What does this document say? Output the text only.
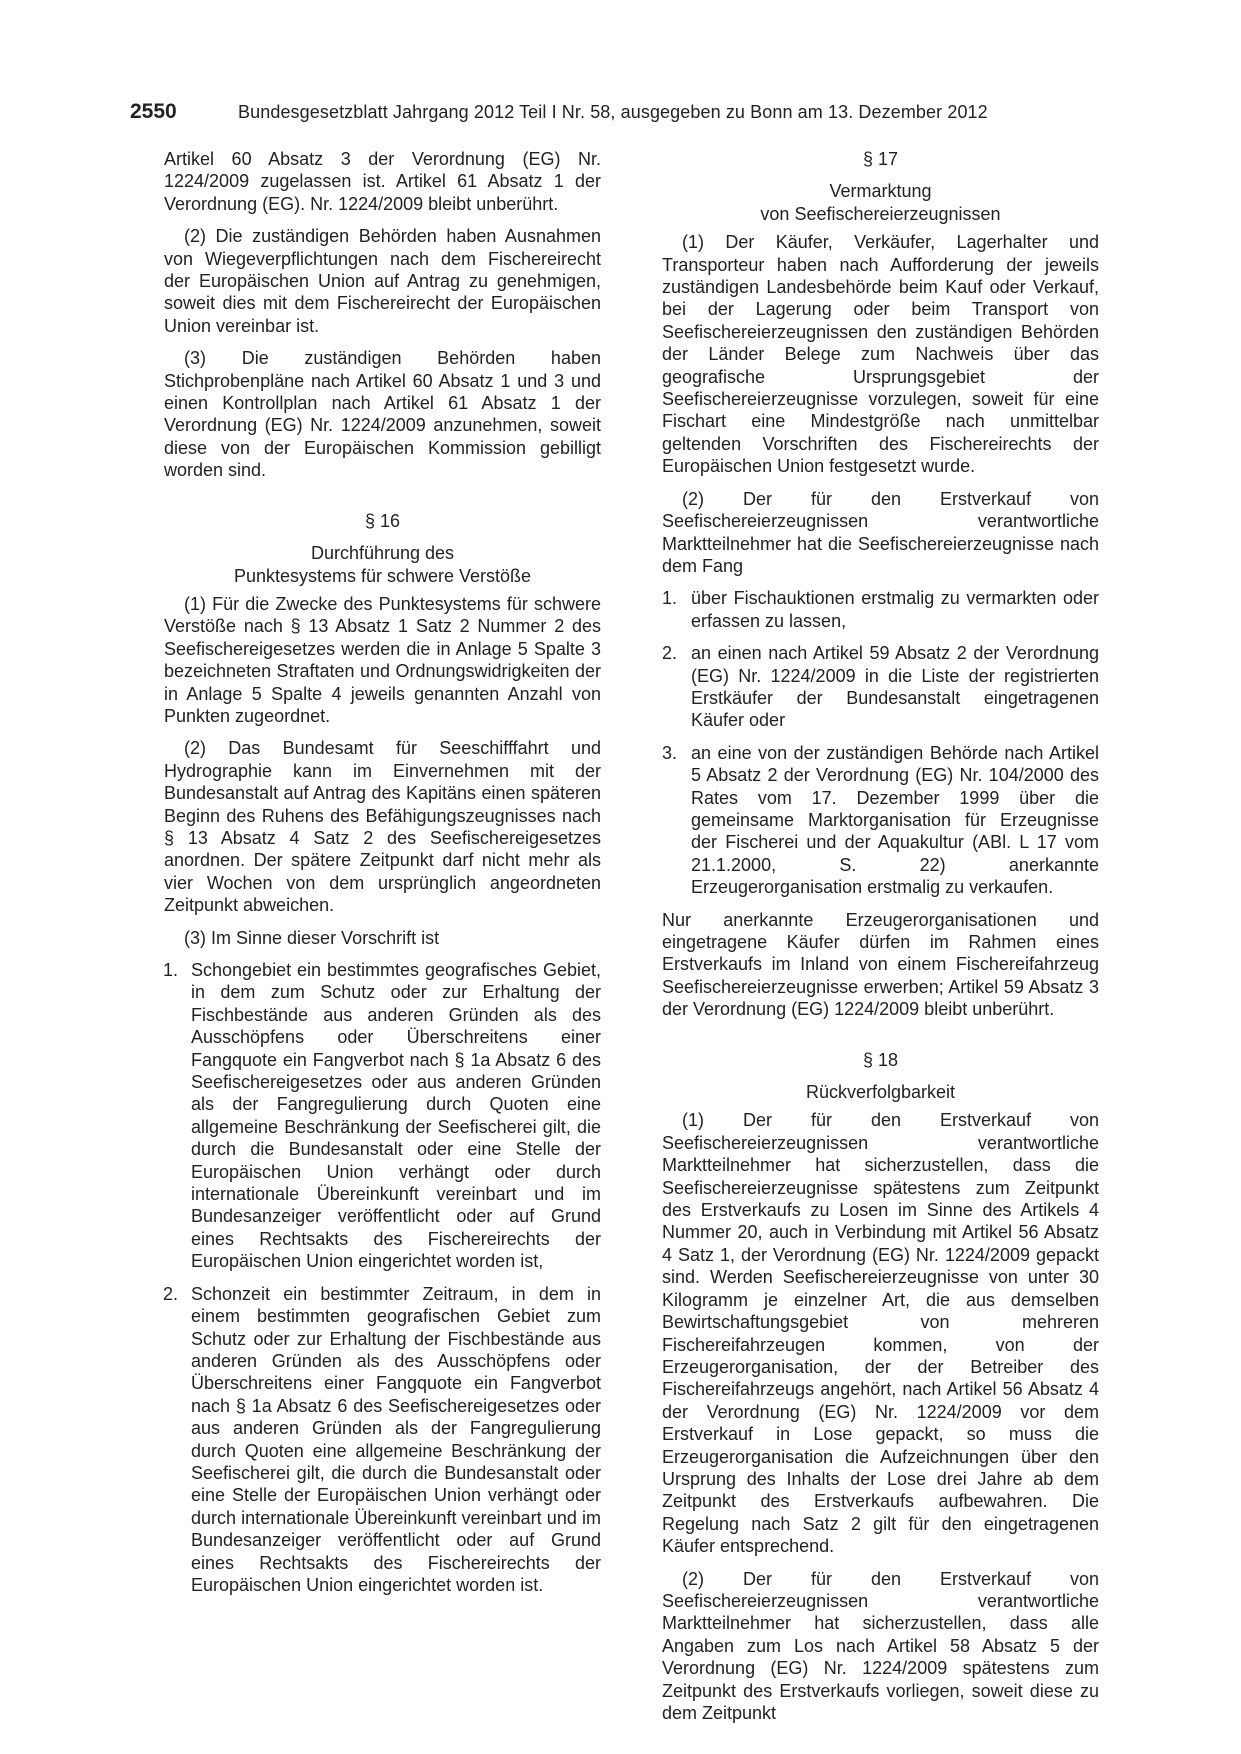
2550	Bundesgesetzblatt Jahrgang 2012 Teil I Nr. 58, ausgegeben zu Bonn am 13. Dezember 2012

Artikel 60 Absatz 3 der Verordnung (EG) Nr. 1224/2009 zugelassen ist. Artikel 61 Absatz 1 der Verordnung (EG). Nr. 1224/2009 bleibt unberührt.

(2) Die zuständigen Behörden haben Ausnahmen von Wiegeverpflichtungen nach dem Fischereirecht der Europäischen Union auf Antrag zu genehmigen, soweit dies mit dem Fischereirecht der Europäischen Union vereinbar ist.

(3) Die zuständigen Behörden haben Stichprobenpläne nach Artikel 60 Absatz 1 und 3 und einen Kontrollplan nach Artikel 61 Absatz 1 der Verordnung (EG) Nr. 1224/2009 anzunehmen, soweit diese von der Europäischen Kommission gebilligt worden sind.

§ 16
Durchführung des
Punktesystems für schwere Verstöße

(1) Für die Zwecke des Punktesystems für schwere Verstöße nach § 13 Absatz 1 Satz 2 Nummer 2 des Seefischereigesetzes werden die in Anlage 5 Spalte 3 bezeichneten Straftaten und Ordnungswidrigkeiten der in Anlage 5 Spalte 4 jeweils genannten Anzahl von Punkten zugeordnet.

(2) Das Bundesamt für Seeschifffahrt und Hydrographie kann im Einvernehmen mit der Bundesanstalt auf Antrag des Kapitäns einen späteren Beginn des Ruhens des Befähigungszeugnisses nach § 13 Absatz 4 Satz 2 des Seefischereigesetzes anordnen. Der spätere Zeitpunkt darf nicht mehr als vier Wochen von dem ursprünglich angeordneten Zeitpunkt abweichen.

(3) Im Sinne dieser Vorschrift ist

1. Schongebiet ein bestimmtes geografisches Gebiet, in dem zum Schutz oder zur Erhaltung der Fischbestände aus anderen Gründen als des Ausschöpfens oder Überschreitens einer Fangquote ein Fangverbot nach § 1a Absatz 6 des Seefischereigesetzes oder aus anderen Gründen als der Fangregulierung durch Quoten eine allgemeine Beschränkung der Seefischerei gilt, die durch die Bundesanstalt oder eine Stelle der Europäischen Union verhängt oder durch internationale Übereinkunft vereinbart und im Bundesanzeiger veröffentlicht oder auf Grund eines Rechtsakts des Fischereirechts der Europäischen Union eingerichtet worden ist,
2. Schonzeit ein bestimmter Zeitraum, in dem in einem bestimmten geografischen Gebiet zum Schutz oder zur Erhaltung der Fischbestände aus anderen Gründen als des Ausschöpfens oder Überschreitens einer Fangquote ein Fangverbot nach § 1a Absatz 6 des Seefischereigesetzes oder aus anderen Gründen als der Fangregulierung durch Quoten eine allgemeine Beschränkung der Seefischerei gilt, die durch die Bundesanstalt oder eine Stelle der Europäischen Union verhängt oder durch internationale Übereinkunft vereinbart und im Bundesanzeiger veröffentlicht oder auf Grund eines Rechtsakts des Fischereirechts der Europäischen Union eingerichtet worden ist.
§ 17
Vermarktung
von Seefischereierzeugnissen

(1) Der Käufer, Verkäufer, Lagerhalter und Transporteur haben nach Aufforderung der jeweils zuständigen Landesbehörde beim Kauf oder Verkauf, bei der Lagerung oder beim Transport von Seefischereierzeugnissen den zuständigen Behörden der Länder Belege zum Nachweis über das geografische Ursprungsgebiet der Seefischereierzeugnisse vorzulegen, soweit für eine Fischart eine Mindestgröße nach unmittelbar geltenden Vorschriften des Fischereirechts der Europäischen Union festgesetzt wurde.

(2) Der für den Erstverkauf von Seefischereierzeugnissen verantwortliche Marktteilnehmer hat die Seefischereierzeugnisse nach dem Fang

1. über Fischauktionen erstmalig zu vermarkten oder erfassen zu lassen,
2. an einen nach Artikel 59 Absatz 2 der Verordnung (EG) Nr. 1224/2009 in die Liste der registrierten Erstkäufer der Bundesanstalt eingetragenen Käufer oder
3. an eine von der zuständigen Behörde nach Artikel 5 Absatz 2 der Verordnung (EG) Nr. 104/2000 des Rates vom 17. Dezember 1999 über die gemeinsame Marktorganisation für Erzeugnisse der Fischerei und der Aquakultur (ABl. L 17 vom 21.1.2000, S. 22) anerkannte Erzeugerorganisation erstmalig zu verkaufen.

Nur anerkannte Erzeugerorganisationen und eingetragene Käufer dürfen im Rahmen eines Erstverkaufs im Inland von einem Fischereifahrzeug Seefischereierzeugnisse erwerben; Artikel 59 Absatz 3 der Verordnung (EG) 1224/2009 bleibt unberührt.

§ 18
Rückverfolgbarkeit

(1) Der für den Erstverkauf von Seefischereierzeugnissen verantwortliche Marktteilnehmer hat sicherzustellen, dass die Seefischereierzeugnisse spätestens zum Zeitpunkt des Erstverkaufs zu Losen im Sinne des Artikels 4 Nummer 20, auch in Verbindung mit Artikel 56 Absatz 4 Satz 1, der Verordnung (EG) Nr. 1224/2009 gepackt sind. Werden Seefischereierzeugnisse von unter 30 Kilogramm je einzelner Art, die aus demselben Bewirtschaftungsgebiet von mehreren Fischereifahrzeugen kommen, von der Erzeugerorganisation, der der Betreiber des Fischereifahrzeugs angehört, nach Artikel 56 Absatz 4 der Verordnung (EG) Nr. 1224/2009 vor dem Erstverkauf in Lose gepackt, so muss die Erzeugerorganisation die Aufzeichnungen über den Ursprung des Inhalts der Lose drei Jahre ab dem Zeitpunkt des Erstverkaufs aufbewahren. Die Regelung nach Satz 2 gilt für den eingetragenen Käufer entsprechend.

(2) Der für den Erstverkauf von Seefischereierzeugnissen verantwortliche Marktteilnehmer hat sicherzustellen, dass alle Angaben zum Los nach Artikel 58 Absatz 5 der Verordnung (EG) Nr. 1224/2009 spätestens zum Zeitpunkt des Erstverkaufs vorliegen, soweit diese zu dem Zeitpunkt
